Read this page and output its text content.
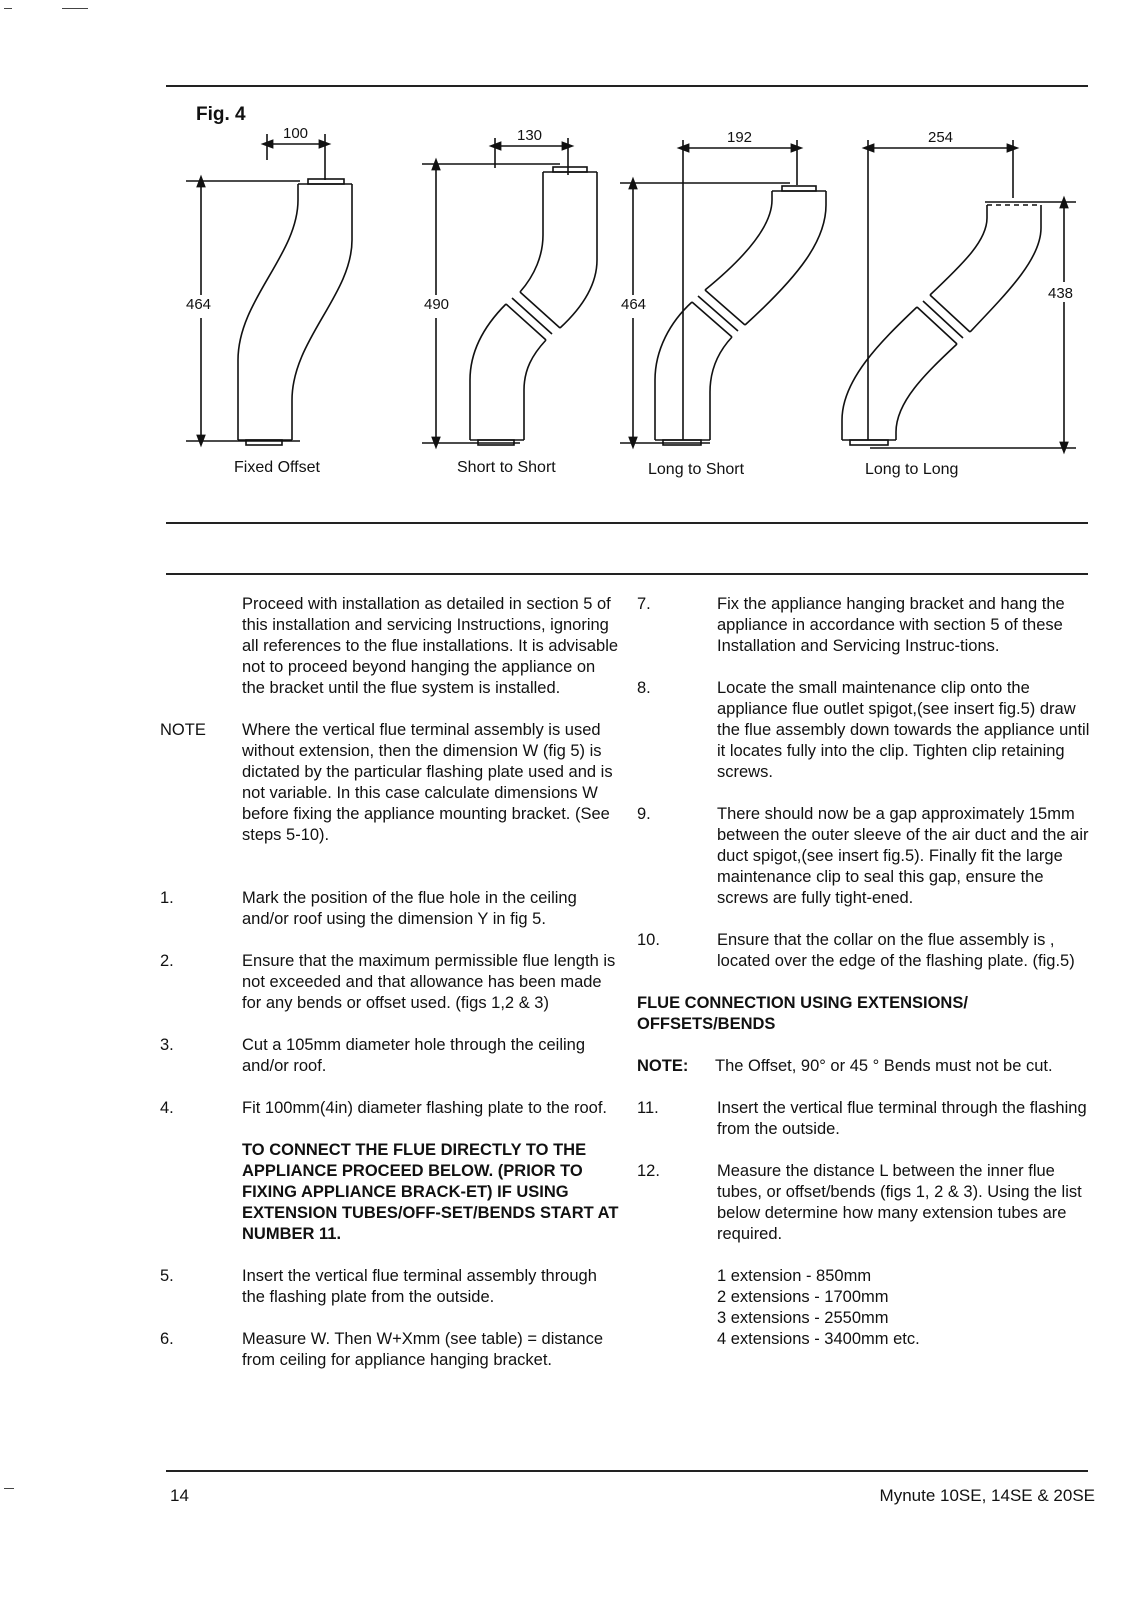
Fig. 4
100
464
130
490
192
464
254
438
Fixed Offset	Short to Short	Long to Short	Long to Long
Proceed with installation as detailed in section 5 of this installation and servicing Instructions, ignoring all references to the flue installations. It is advisable not to proceed beyond hanging the appliance on the bracket until the flue system is installed.
NOTE Where the vertical flue terminal assembly is used without extension, then the dimension W (fig 5) is dictated by the particular flashing plate used and is not variable. In this case calculate dimensions W before fixing the appliance mounting bracket. (See steps 5-10).
1.	Mark the position of the flue hole in the ceiling and/or roof using the dimension Y in fig 5.
2.	Ensure that the maximum permissible flue length is not exceeded and that allowance has been made for any bends or offset used. (figs 1,2 & 3)
3.	Cut a 105mm diameter hole through the ceiling and/or roof.
4.	Fit 100mm(4in) diameter flashing plate to the roof.
TO CONNECT THE FLUE DIRECTLY TO THE APPLIANCE PROCEED BELOW. (PRIOR TO FIXING APPLIANCE BRACK-ET) IF USING EXTENSION TUBES/OFF-SET/BENDS START AT NUMBER 11.
5.	Insert the vertical flue terminal assembly through the flashing plate from the outside.
6.	Measure W. Then W+Xmm (see table) = distance from ceiling for appliance hanging bracket.
7.	Fix the appliance hanging bracket and hang the appliance in accordance with section 5 of these Installation and Servicing Instruc-tions.
8.	Locate the small maintenance clip onto the appliance flue outlet spigot,(see insert fig.5) draw the flue assembly down towards the appliance until it locates fully into the clip. Tighten clip retaining screws.
9.	There should now be a gap approximately 15mm between the outer sleeve of the air duct and the air duct spigot,(see insert fig.5). Finally fit the large maintenance clip to seal this gap, ensure the screws are fully tight-ened.
10.	Ensure that the collar on the flue assembly is , located over the edge of the flashing plate. (fig.5)
FLUE CONNECTION USING EXTENSIONS/ OFFSETS/BENDS
NOTE: The Offset, 90° or 45 ° Bends must not be cut.
11.	Insert the vertical flue terminal through the flashing from the outside.
12.	Measure the distance L between the inner flue tubes, or offset/bends (figs 1, 2 & 3). Using the list below determine how many extension tubes are required.
1 extension - 850mm
2 extensions - 1700mm
3 extensions - 2550mm
4 extensions - 3400mm etc.
14	Mynute 10SE, 14SE & 20SE
